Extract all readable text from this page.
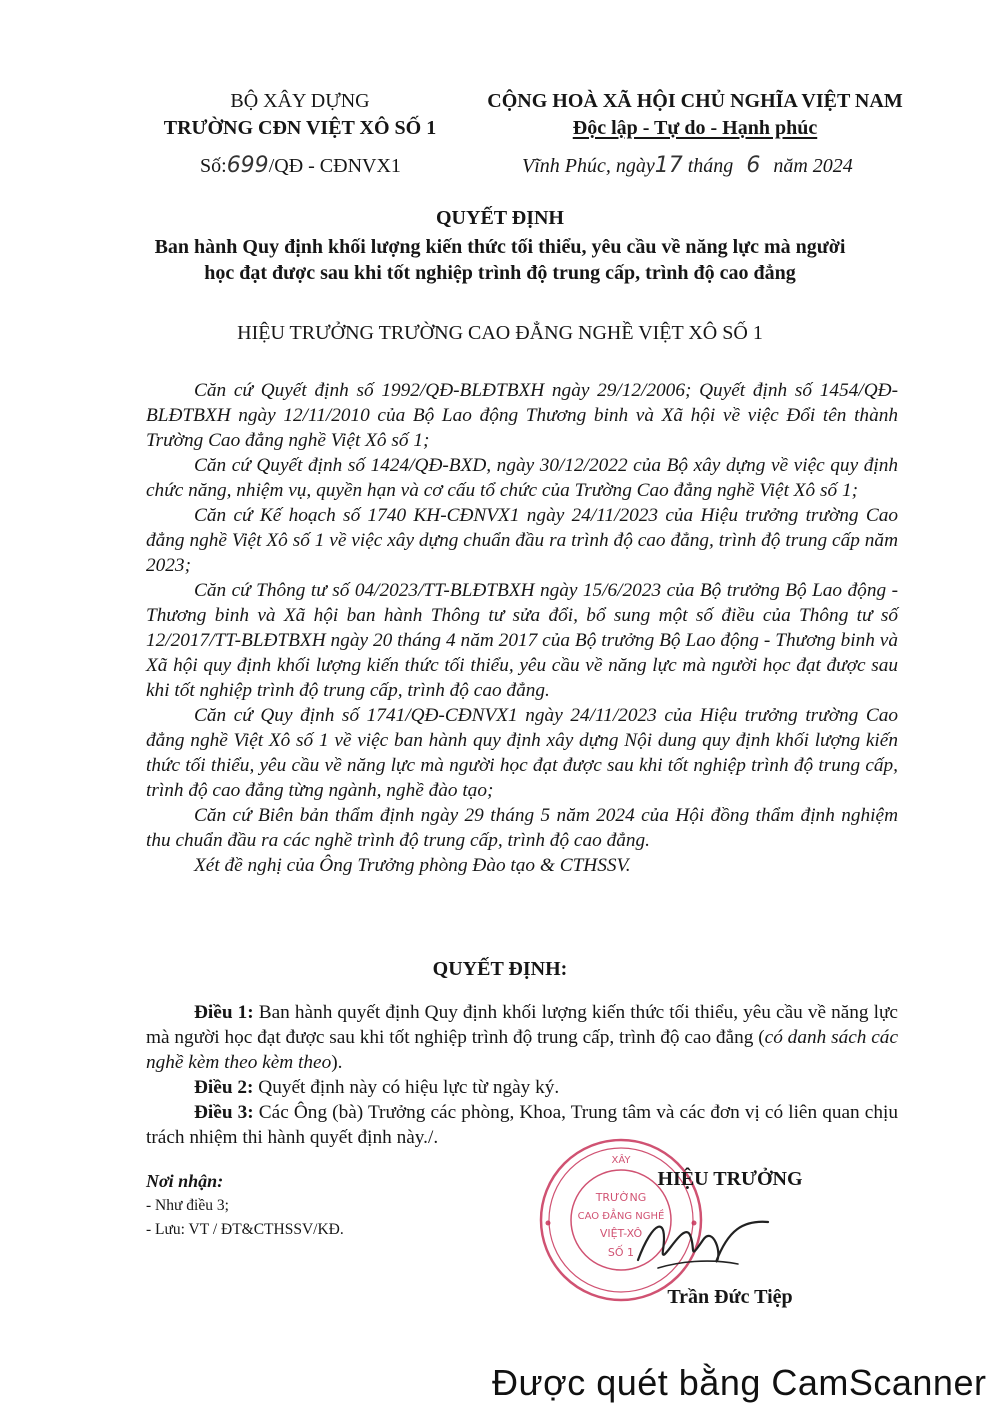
BỘ XÂY DỰNG
TRƯỜNG CĐN VIỆT XÔ SỐ 1
Số:699/QĐ - CĐNVX1
CỘNG HOÀ XÃ HỘI CHỦ NGHĨA VIỆT NAM
Độc lập - Tự do - Hạnh phúc
Vĩnh Phúc, ngày17 tháng 6 năm 2024
QUYẾT ĐỊNH
Ban hành Quy định khối lượng kiến thức tối thiểu, yêu cầu về năng lực mà người
học đạt được sau khi tốt nghiệp trình độ trung cấp, trình độ cao đẳng
HIỆU TRƯỞNG TRƯỜNG CAO ĐẲNG NGHỀ VIỆT XÔ SỐ 1

Căn cứ Quyết định số 1992/QĐ-BLĐTBXH ngày 29/12/2006; Quyết định số 1454/QĐ-BLĐTBXH ngày 12/11/2010 của Bộ Lao động Thương binh và Xã hội về việc Đổi tên thành Trường Cao đẳng nghề Việt Xô số 1;

Căn cứ Quyết định số 1424/QĐ-BXD, ngày 30/12/2022 của Bộ xây dựng về việc quy định chức năng, nhiệm vụ, quyền hạn và cơ cấu tổ chức của Trường Cao đẳng nghề Việt Xô số 1;

Căn cứ Kế hoạch số 1740 KH-CĐNVX1 ngày 24/11/2023 của Hiệu trưởng trường Cao đẳng nghề Việt Xô số 1 về việc xây dựng chuẩn đầu ra trình độ cao đẳng, trình độ trung cấp năm 2023;

Căn cứ Thông tư số 04/2023/TT-BLĐTBXH ngày 15/6/2023 của Bộ trưởng Bộ Lao động - Thương binh và Xã hội ban hành Thông tư sửa đổi, bổ sung một số điều của Thông tư số 12/2017/TT-BLĐTBXH ngày 20 tháng 4 năm 2017 của Bộ trưởng Bộ Lao động - Thương binh và Xã hội quy định khối lượng kiến thức tối thiểu, yêu cầu về năng lực mà người học đạt được sau khi tốt nghiệp trình độ trung cấp, trình độ cao đẳng.

Căn cứ Quy định số 1741/QĐ-CĐNVX1 ngày 24/11/2023 của Hiệu trưởng trường Cao đẳng nghề Việt Xô số 1 về việc ban hành quy định xây dựng Nội dung quy định khối lượng kiến thức tối thiểu, yêu cầu về năng lực mà người học đạt được sau khi tốt nghiệp trình độ trung cấp, trình độ cao đẳng từng ngành, nghề đào tạo;

Căn cứ Biên bản thẩm định ngày 29 tháng 5 năm 2024 của Hội đồng thẩm định nghiệm thu chuẩn đầu ra các nghề trình độ trung cấp, trình độ cao đẳng.

Xét đề nghị của Ông Trưởng phòng Đào tạo & CTHSSV.

QUYẾT ĐỊNH:

Điều 1: Ban hành quyết định Quy định khối lượng kiến thức tối thiểu, yêu cầu về năng lực mà người học đạt được sau khi tốt nghiệp trình độ trung cấp, trình độ cao đẳng (có danh sách các nghề kèm theo kèm theo).

Điều 2: Quyết định này có hiệu lực từ ngày ký.

Điều 3: Các Ông (bà) Trưởng các phòng, Khoa, Trung tâm và các đơn vị có liên quan chịu trách nhiệm thi hành quyết định này./.

Nơi nhận:
- Như điều 3;
- Lưu: VT / ĐT&CTHSSV/KĐ.
XÂY
TRƯỜNG
CAO ĐẲNG NGHỀ
VIỆT-XÔ
SỐ 1
HIỆU TRƯỞNG
Trần Đức Tiệp
Được quét bằng CamScanner
